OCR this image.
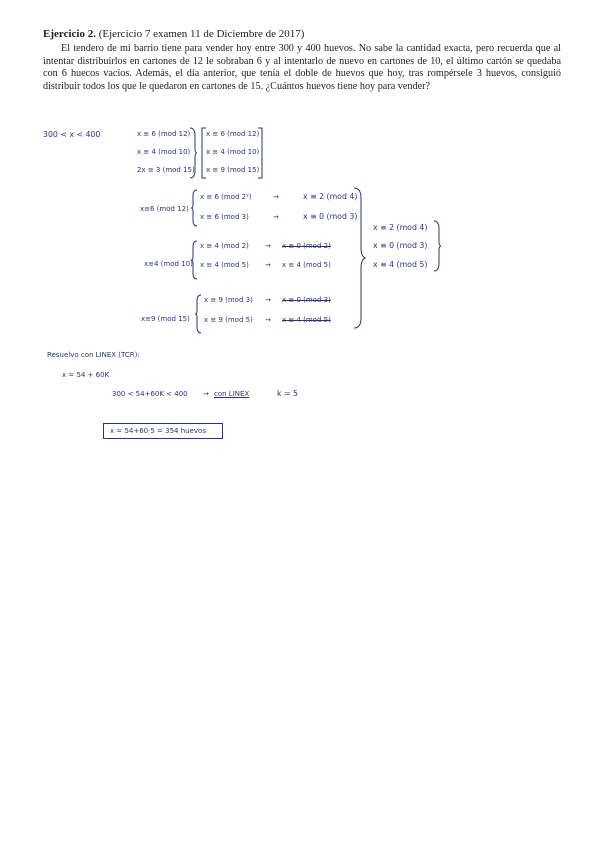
Ejercicio 2. (Ejercicio 7 examen 11 de Diciembre de 2017)
El tendero de mi barrio tiene para vender hoy entre 300 y 400 huevos. No sabe la cantidad exacta, pero recuerda que al intentar distribuirlos en cartones de 12 le sobraban 6 y al intentarlo de nuevo en cartones de 10, el último cartón se quedaba con 6 huecos vacíos. Además, el día anterior, que tenía el doble de huevos que hoy, tras rompérsele 3 huevos, consiguió distribuir todos los que le quedaron en cartones de 15. ¿Cuántos huevos tiene hoy para vender?
300 < x < 400	x ≡ 6 (mod 12)
x ≡ 4 (mod 10)
2x ≡ 3 (mod 15)
x ≡ 6 (mod 12)
x ≡ 4 (mod 10)
x ≡ 9 (mod 15)
x≡6 (mod 12)
x ≡ 6 (mod 2²)	→	x ≡ 2 (mod 4)
x ≡ 6 (mod 3)	→	x ≡ 0 (mod 3)
x≡4 (mod 10)
x ≡ 4 (mod 2) → x ≡ 0 (mod 2)
x ≡ 4 (mod 5) → x ≡ 4 (mod 5)
x≡9 (mod 15)
x ≡ 9 (mod 3) → x ≡ 0 (mod 3)
x ≡ 9 (mod 5) → x ≡ 4 (mod 5)
x ≡ 2 (mod 4)
x ≡ 0 (mod 3)
x ≡ 4 (mod 5)
Resuelvo con LINEX (TCR):
x = 54 + 60K
300 < 54+60K < 400 → con LINEX	k = 5
x = 54+60·5 = 354 huevos
